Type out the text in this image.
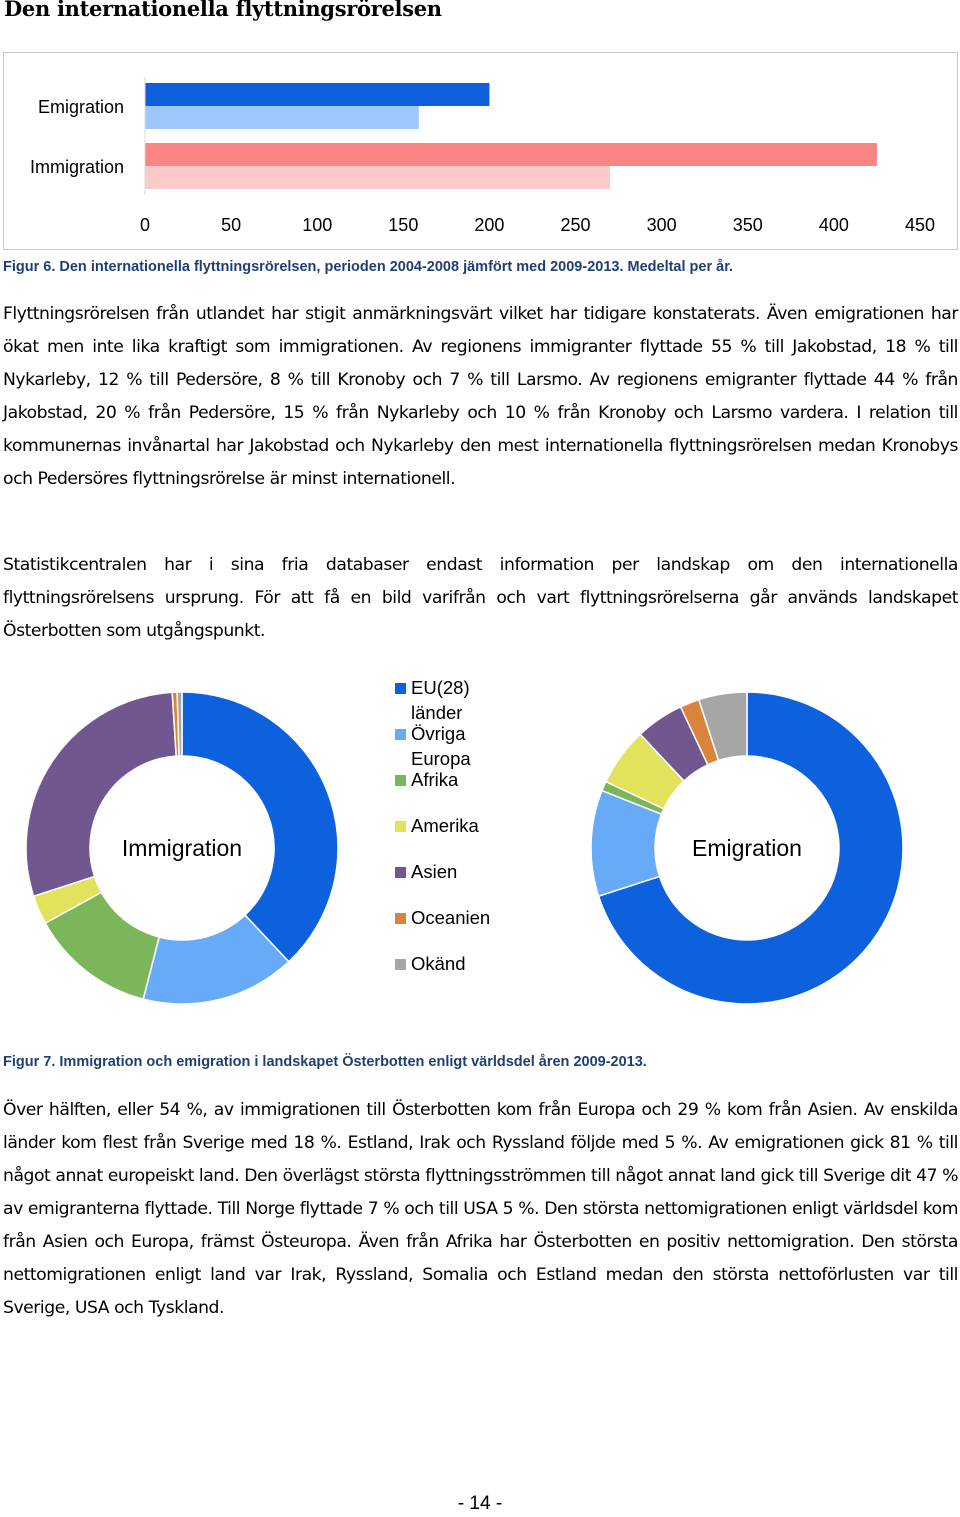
Den internationella flyttningsrörelsen
Emigration
Immigration
0	50	100	150	200	250	300	350	400	450
Figur 6. Den internationella flyttningsrörelsen, perioden 2004-2008 jämfört med 2009-2013. Medeltal per år.
Flyttningsrörelsen från utlandet har stigit anmärkningsvärt vilket har tidigare konstaterats. Även emigrationen har ökat men inte lika kraftigt som immigrationen. Av regionens immigranter flyttade 55 % till Jakobstad, 18 % till Nykarleby, 12 % till Pedersöre, 8 % till Kronoby och 7 % till Larsmo. Av regionens emigranter flyttade 44 % från Jakobstad, 20 % från Pedersöre, 15 % från Nykarleby och 10 % från Kronoby och Larsmo vardera. I relation till kommunernas invånartal har Jakobstad och Nykarleby den mest internationella flyttningsrörelsen medan Kronobys och Pedersöres flyttningsrörelse är minst internationell.
Statistikcentralen har i sina fria databaser endast information per landskap om den internationella flyttningsrörelsens ursprung. För att få en bild varifrån och vart flyttningsrörelserna går används landskapet Österbotten som utgångspunkt.
Immigration	Emigration
EU(28) länder
Övriga Europa
Afrika
Amerika
Asien
Oceanien
Okänd
Figur 7. Immigration och emigration i landskapet Österbotten enligt världsdel åren 2009-2013.
Över hälften, eller 54 %, av immigrationen till Österbotten kom från Europa och 29 % kom från Asien. Av enskilda länder kom flest från Sverige med 18 %. Estland, Irak och Ryssland följde med 5 %. Av emigrationen gick 81 % till något annat europeiskt land. Den överlägst största flyttningsströmmen till något annat land gick till Sverige dit 47 % av emigranterna flyttade. Till Norge flyttade 7 % och till USA 5 %. Den största nettomigrationen enligt världsdel kom från Asien och Europa, främst Östeuropa. Även från Afrika har Österbotten en positiv nettomigration. Den största nettomigrationen enligt land var Irak, Ryssland, Somalia och Estland medan den största nettoförlusten var till Sverige, USA och Tyskland.
- 14 -
